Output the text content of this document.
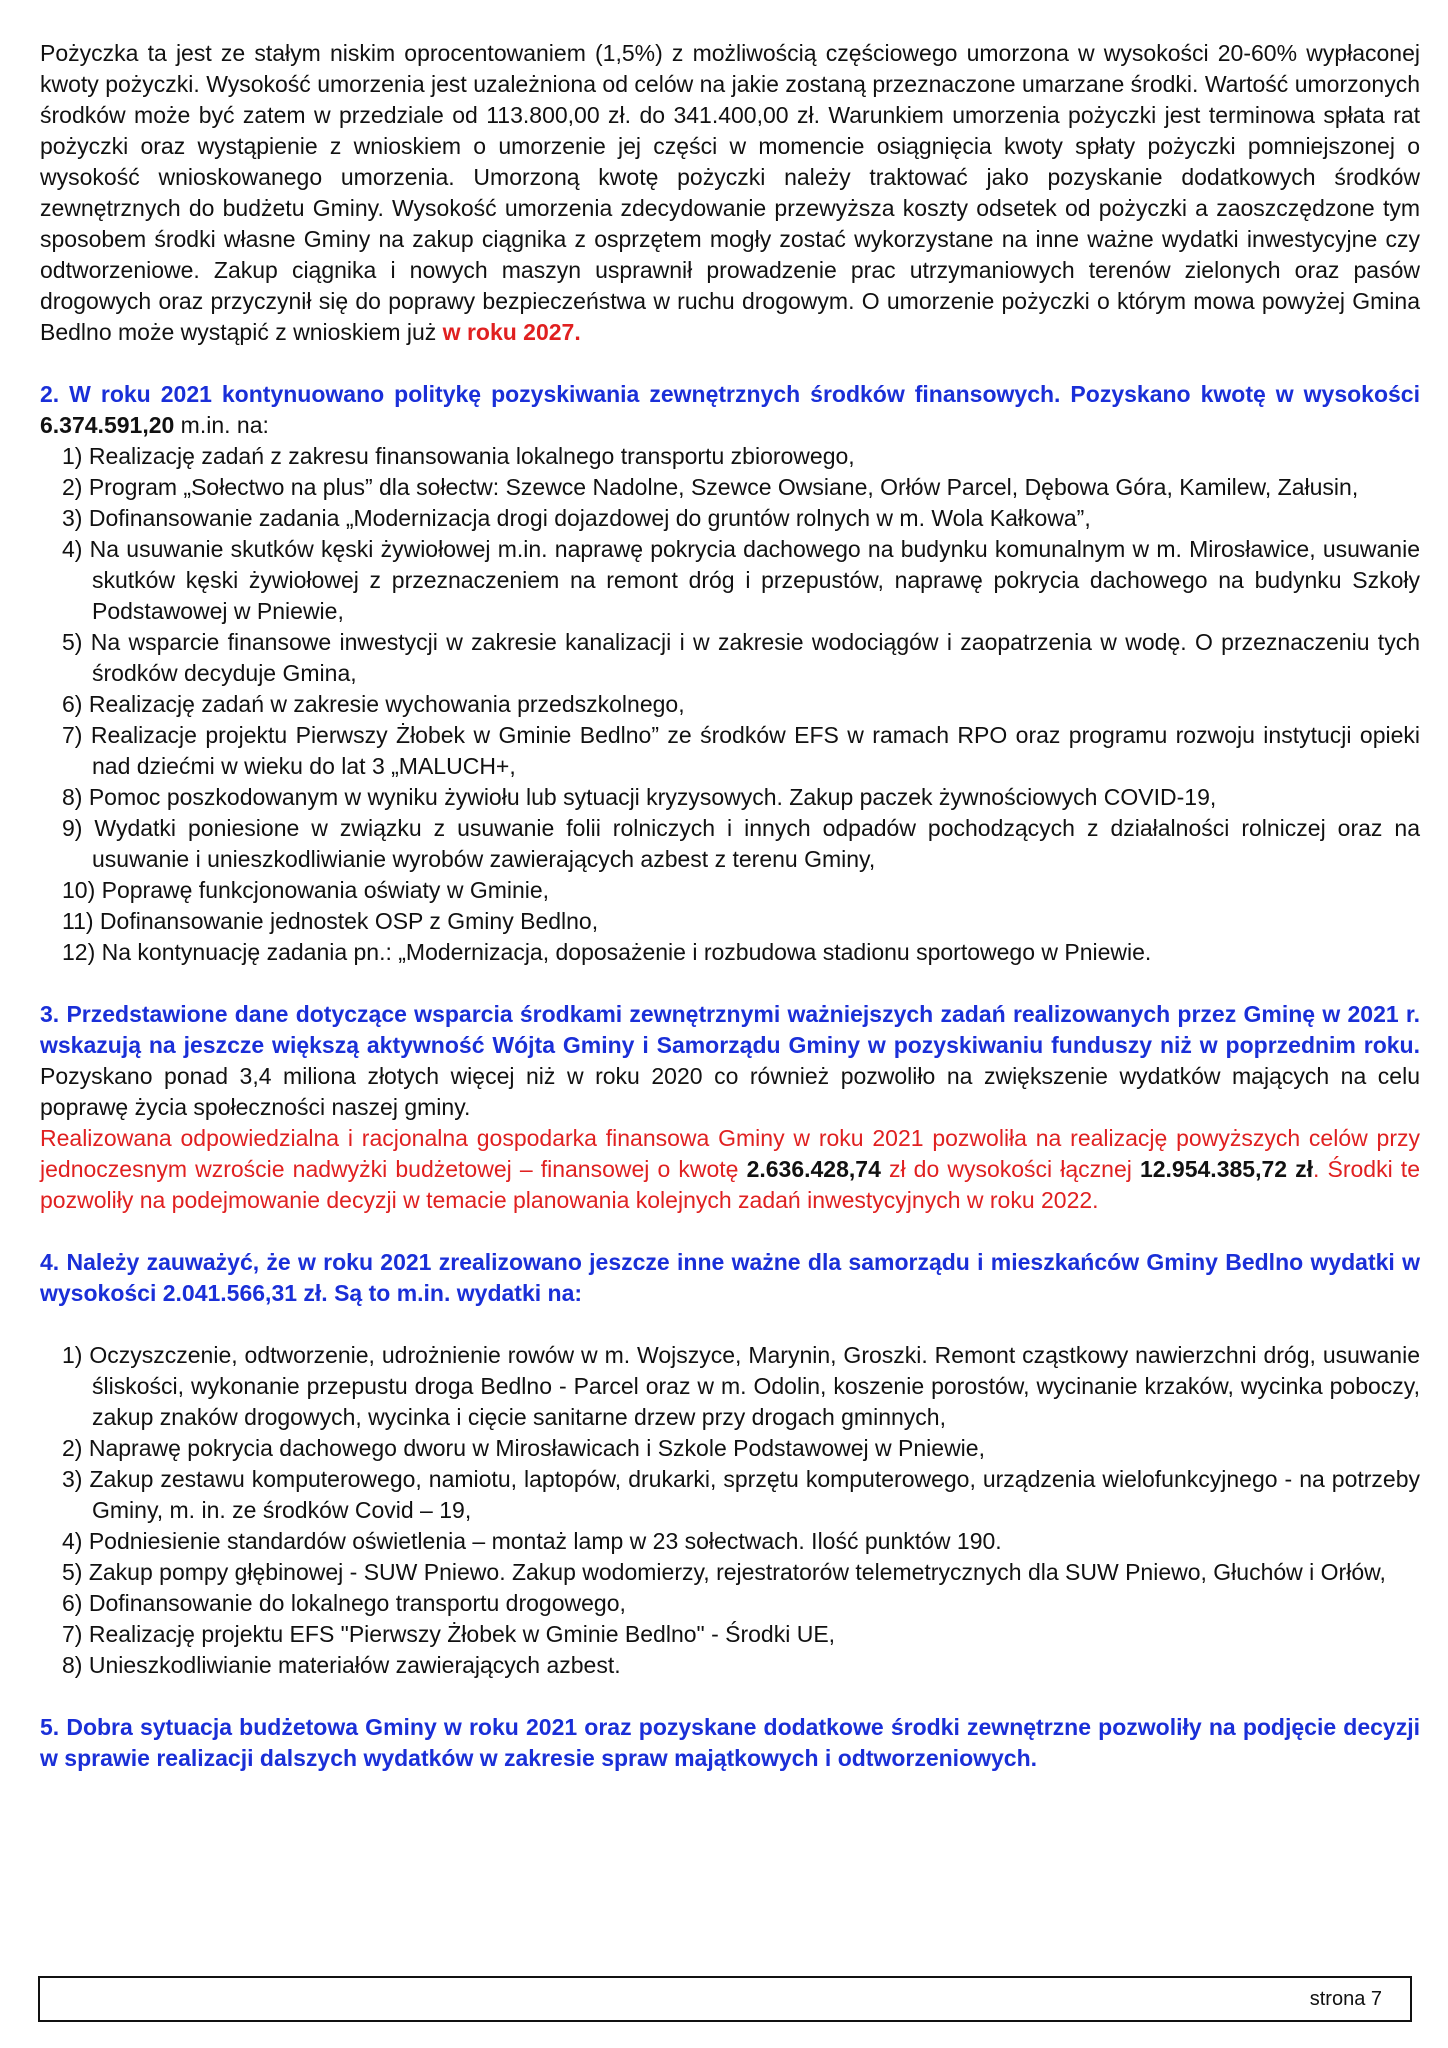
Pożyczka ta jest ze stałym niskim oprocentowaniem (1,5%) z możliwością częściowego umorzona w wysokości 20-60% wypłaconej kwoty pożyczki. Wysokość umorzenia jest uzależniona od celów na jakie zostaną przeznaczone umarzane środki. Wartość umorzonych środków może być zatem w przedziale od 113.800,00 zł. do 341.400,00 zł. Warunkiem umorzenia pożyczki jest terminowa spłata rat pożyczki oraz wystąpienie z wnioskiem o umorzenie jej części w momencie osiągnięcia kwoty spłaty pożyczki pomniejszonej o wysokość wnioskowanego umorzenia. Umorzoną kwotę pożyczki należy traktować jako pozyskanie dodatkowych środków zewnętrznych do budżetu Gminy. Wysokość umorzenia zdecydowanie przewyższa koszty odsetek od pożyczki a zaoszczędzone tym sposobem środki własne Gminy na zakup ciągnika z osprzętem mogły zostać wykorzystane na inne ważne wydatki inwestycyjne czy odtworzeniowe. Zakup ciągnika i nowych maszyn usprawnił prowadzenie prac utrzymaniowych terenów zielonych oraz pasów drogowych oraz przyczynił się do poprawy bezpieczeństwa w ruchu drogowym. O umorzenie pożyczki o którym mowa powyżej Gmina Bedlno może wystąpić z wnioskiem już w roku 2027.

2. W roku 2021 kontynuowano politykę pozyskiwania zewnętrznych środków finansowych. Pozyskano kwotę w wysokości 6.374.591,20 m.in. na:

1) Realizację zadań z zakresu finansowania lokalnego transportu zbiorowego,
2) Program „Sołectwo na plus” dla sołectw: Szewce Nadolne, Szewce Owsiane, Orłów Parcel, Dębowa Góra, Kamilew, Załusin,
3) Dofinansowanie zadania „Modernizacja drogi dojazdowej do gruntów rolnych w m. Wola Kałkowa”,
4) Na usuwanie skutków kęski żywiołowej m.in. naprawę pokrycia dachowego na budynku komunalnym w m. Mirosławice, usuwanie skutków kęski żywiołowej z przeznaczeniem na remont dróg i przepustów, naprawę pokrycia dachowego na budynku Szkoły Podstawowej w Pniewie,
5) Na wsparcie finansowe inwestycji w zakresie kanalizacji i w zakresie wodociągów i zaopatrzenia w wodę. O przeznaczeniu tych środków decyduje Gmina,
6) Realizację zadań w zakresie wychowania przedszkolnego,
7) Realizacje projektu Pierwszy Żłobek w Gminie Bedlno” ze środków EFS w ramach RPO oraz programu rozwoju instytucji opieki nad dziećmi w wieku do lat 3 „MALUCH+,
8) Pomoc poszkodowanym w wyniku żywiołu lub sytuacji kryzysowych. Zakup paczek żywnościowych COVID-19,
9) Wydatki poniesione w związku z usuwanie folii rolniczych i innych odpadów pochodzących z działalności rolniczej oraz na usuwanie i unieszkodliwianie wyrobów zawierających azbest z terenu Gminy,
10) Poprawę funkcjonowania oświaty w Gminie,
11) Dofinansowanie jednostek OSP z Gminy Bedlno,
12) Na kontynuację zadania pn.: „Modernizacja, doposażenie i rozbudowa stadionu sportowego w Pniewie.

3. Przedstawione dane dotyczące wsparcia środkami zewnętrznymi ważniejszych zadań realizowanych przez Gminę w 2021 r. wskazują na jeszcze większą aktywność Wójta Gminy i Samorządu Gminy w pozyskiwaniu funduszy niż w poprzednim roku. Pozyskano ponad 3,4 miliona złotych więcej niż w roku 2020 co również pozwoliło na zwiększenie wydatków mających na celu poprawę życia społeczności naszej gminy.

Realizowana odpowiedzialna i racjonalna gospodarka finansowa Gminy w roku 2021 pozwoliła na realizację powyższych celów przy jednoczesnym wzroście nadwyżki budżetowej – finansowej o kwotę 2.636.428,74 zł do wysokości łącznej 12.954.385,72 zł. Środki te pozwoliły na podejmowanie decyzji w temacie planowania kolejnych zadań inwestycyjnych w roku 2022.

4. Należy zauważyć, że w roku 2021 zrealizowano jeszcze inne ważne dla samorządu i mieszkańców Gminy Bedlno wydatki w wysokości 2.041.566,31 zł. Są to m.in. wydatki na:

1) Oczyszczenie, odtworzenie, udrożnienie rowów w m. Wojszyce, Marynin, Groszki. Remont cząstkowy nawierzchni dróg, usuwanie śliskości, wykonanie przepustu droga Bedlno - Parcel oraz w m. Odolin, koszenie porostów, wycinanie krzaków, wycinka poboczy, zakup znaków drogowych, wycinka i cięcie sanitarne drzew przy drogach gminnych,
2) Naprawę pokrycia dachowego dworu w Mirosławicach i Szkole Podstawowej w Pniewie,
3) Zakup zestawu komputerowego, namiotu, laptopów, drukarki, sprzętu komputerowego, urządzenia wielofunkcyjnego - na potrzeby Gminy, m. in. ze środków Covid – 19,
4) Podniesienie standardów oświetlenia – montaż lamp w 23 sołectwach. Ilość punktów 190.
5) Zakup pompy głębinowej - SUW Pniewo. Zakup wodomierzy, rejestratorów telemetrycznych dla SUW Pniewo, Głuchów i Orłów,
6) Dofinansowanie do lokalnego transportu drogowego,
7) Realizację projektu EFS "Pierwszy Żłobek w Gminie Bedlno" - Środki UE,
8) Unieszkodliwianie materiałów zawierających azbest.

5. Dobra sytuacja budżetowa Gminy w roku 2021 oraz pozyskane dodatkowe środki zewnętrzne pozwoliły na podjęcie decyzji w sprawie realizacji dalszych wydatków w zakresie spraw majątkowych i odtworzeniowych.

strona 7
